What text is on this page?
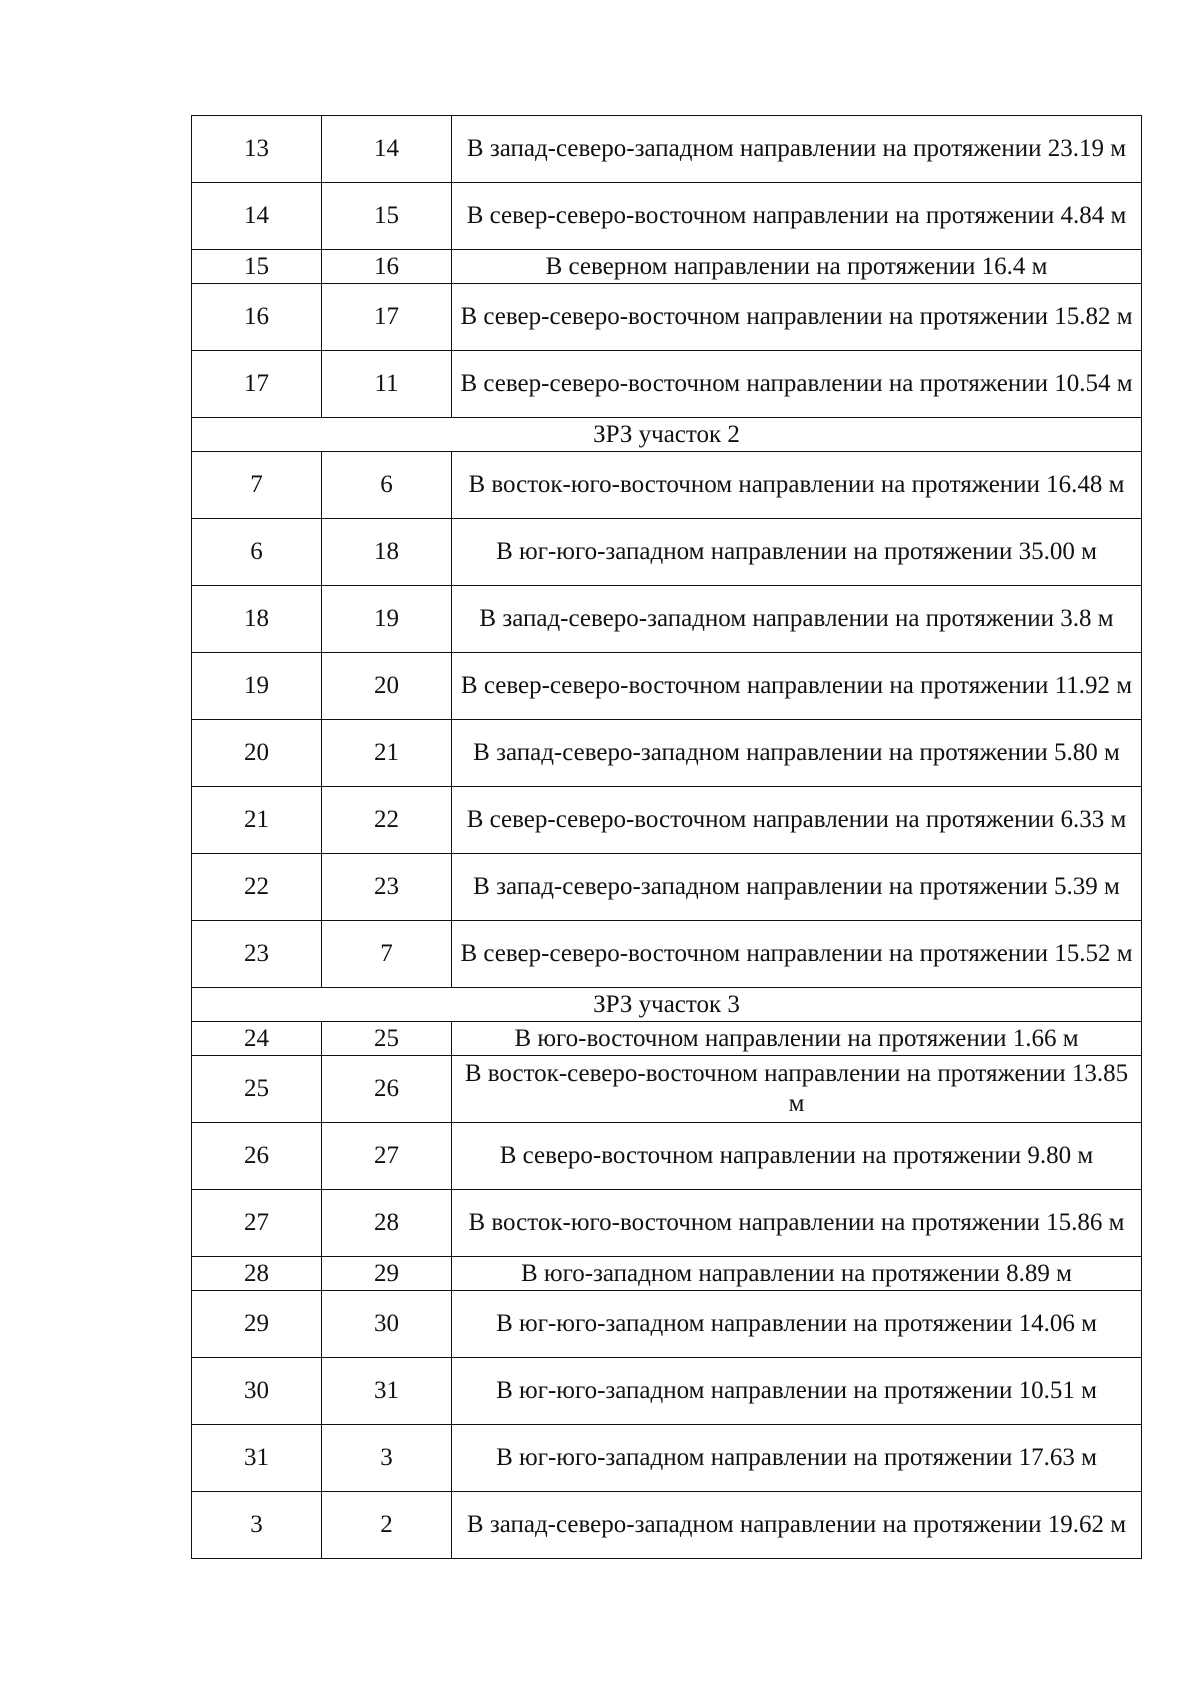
13	14	В запад-северо-западном направлении на протяжении 23.19 м
14	15	В север-северо-восточном направлении на протяжении 4.84 м
15	16	В северном направлении на протяжении 16.4 м
16	17	В север-северо-восточном направлении на протяжении 15.82 м
17	11	В север-северо-восточном направлении на протяжении 10.54 м
ЗРЗ участок 2		
7	6	В восток-юго-восточном направлении на протяжении 16.48 м
6	18	В юг-юго-западном направлении на протяжении 35.00 м
18	19	В запад-северо-западном направлении на протяжении 3.8 м
19	20	В север-северо-восточном направлении на протяжении 11.92 м
20	21	В запад-северо-западном направлении на протяжении 5.80 м
21	22	В север-северо-восточном направлении на протяжении 6.33 м
22	23	В запад-северо-западном направлении на протяжении 5.39 м
23	7	В север-северо-восточном направлении на протяжении 15.52 м
ЗРЗ участок 3		
24	25	В юго-восточном направлении на протяжении 1.66 м
25	26	В восток-северо-восточном направлении на протяжении 13.85 м
26	27	В северо-восточном направлении на протяжении 9.80 м
27	28	В восток-юго-восточном направлении на протяжении 15.86 м
28	29	В юго-западном направлении на протяжении 8.89 м
29	30	В юг-юго-западном направлении на протяжении 14.06 м
30	31	В юг-юго-западном направлении на протяжении 10.51 м
31	3	В юг-юго-западном направлении на протяжении 17.63 м
3	2	В запад-северо-западном направлении на протяжении 19.62 м
